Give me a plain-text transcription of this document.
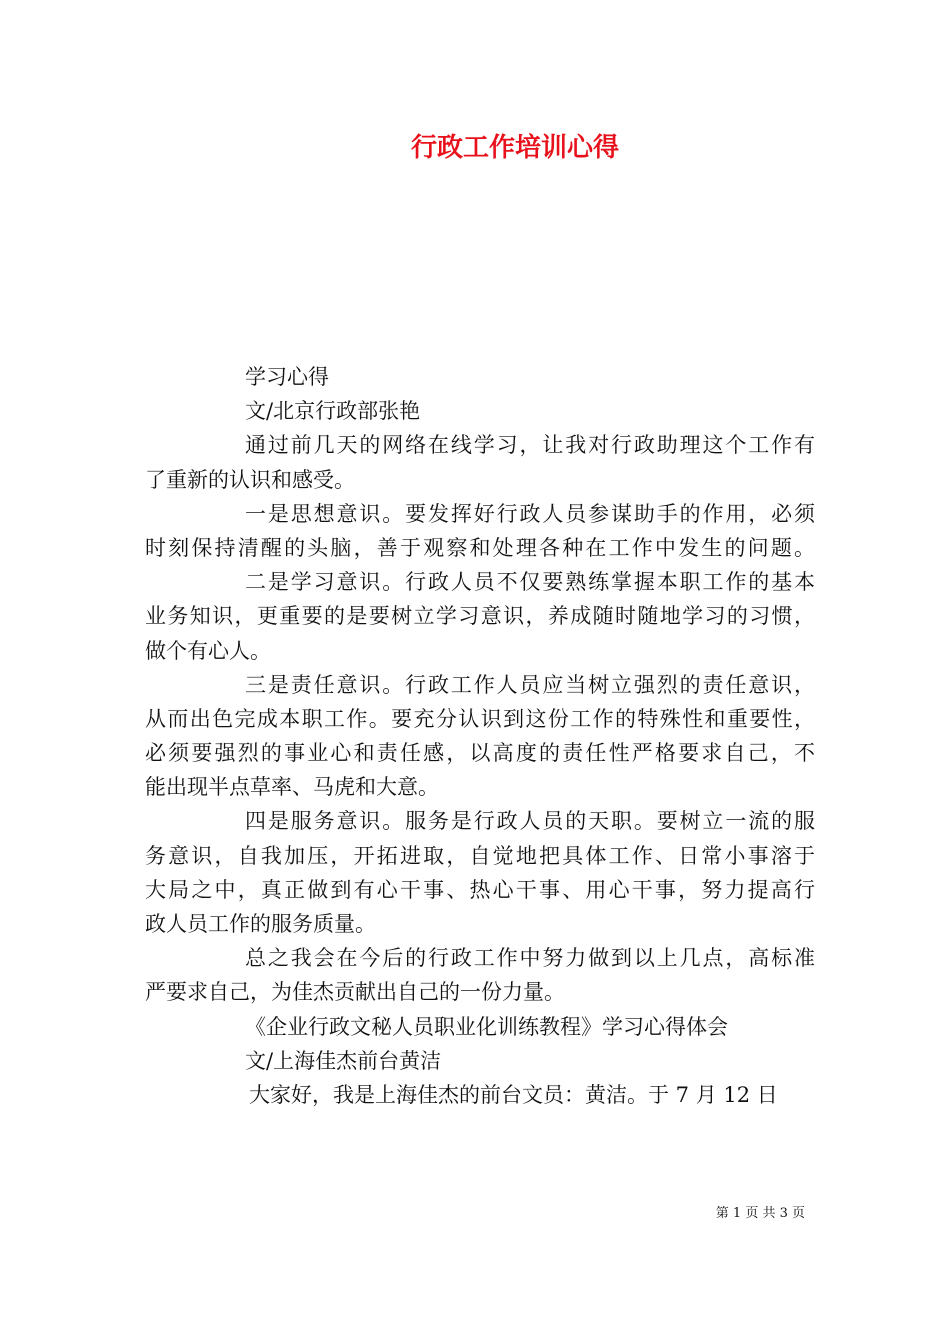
行政工作培训心得
学习心得
文/北京行政部张艳
通过前几天的网络在线学习，让我对行政助理这个工作有
了重新的认识和感受。
一是思想意识。要发挥好行政人员参谋助手的作用，必须
时刻保持清醒的头脑，善于观察和处理各种在工作中发生的问题。
二是学习意识。行政人员不仅要熟练掌握本职工作的基本
业务知识，更重要的是要树立学习意识，养成随时随地学习的习惯，
做个有心人。
三是责任意识。行政工作人员应当树立强烈的责任意识，
从而出色完成本职工作。要充分认识到这份工作的特殊性和重要性，
必须要强烈的事业心和责任感，以高度的责任性严格要求自己，不
能出现半点草率、马虎和大意。
四是服务意识。服务是行政人员的天职。要树立一流的服
务意识，自我加压，开拓进取，自觉地把具体工作、日常小事溶于
大局之中，真正做到有心干事、热心干事、用心干事，努力提高行
政人员工作的服务质量。
总之我会在今后的行政工作中努力做到以上几点，高标准
严要求自己，为佳杰贡献出自己的一份力量。
《企业行政文秘人员职业化训练教程》学习心得体会
文/上海佳杰前台黄洁
大家好，我是上海佳杰的前台文员：黄洁。于 7 月 12 日
第 1 页 共 3 页
